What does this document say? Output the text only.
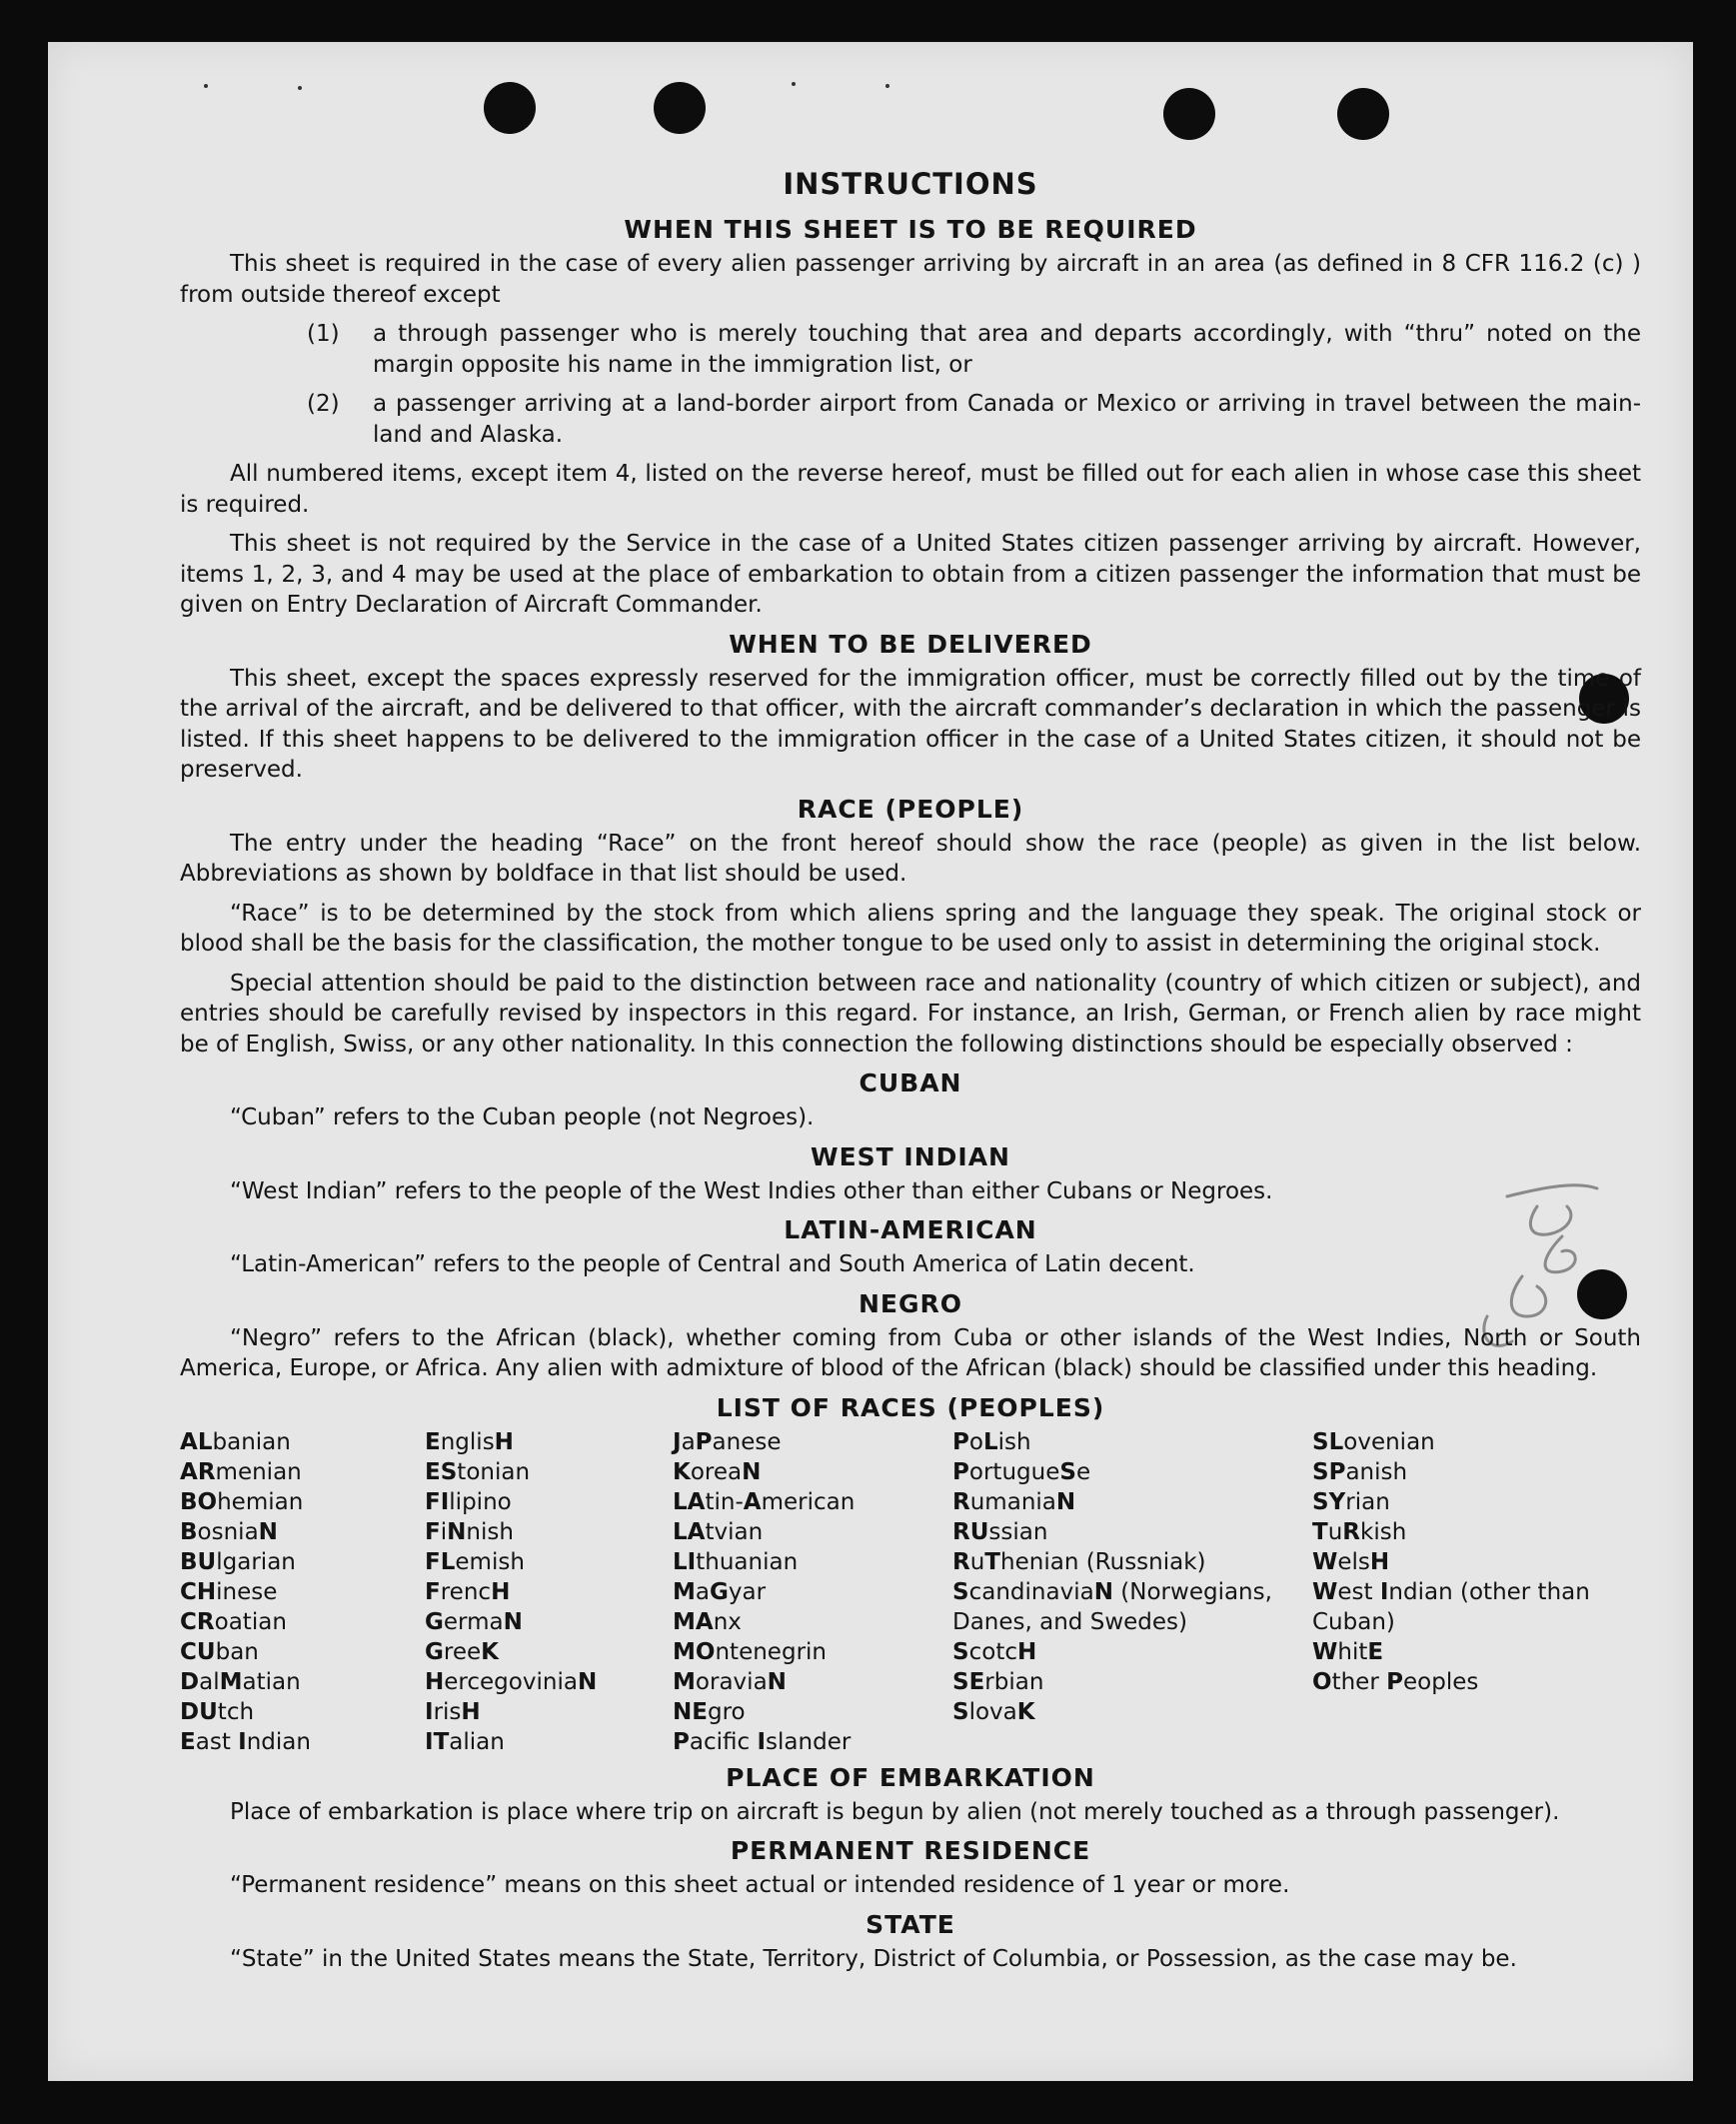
INSTRUCTIONS
WHEN THIS SHEET IS TO BE REQUIRED

This sheet is required in the case of every alien passenger arriving by aircraft in an area (as defined in 8 CFR 116.2 (c) ) from outside thereof except

(1)	a through passenger who is merely touching that area and departs accordingly, with “thru” noted on the margin opposite his name in the immigration list, or
(2)	a passenger arriving at a land-border airport from Canada or Mexico or arriving in travel between the main-land and Alaska.

All numbered items, except item 4, listed on the reverse hereof, must be filled out for each alien in whose case this sheet is required.

This sheet is not required by the Service in the case of a United States citizen passenger arriving by aircraft. However, items 1, 2, 3, and 4 may be used at the place of embarkation to obtain from a citizen passenger the information that must be given on Entry Declaration of Aircraft Commander.

WHEN TO BE DELIVERED

This sheet, except the spaces expressly reserved for the immigration officer, must be correctly filled out by the time of the arrival of the aircraft, and be delivered to that officer, with the aircraft commander’s declaration in which the passenger is listed. If this sheet happens to be delivered to the immigration officer in the case of a United States citizen, it should not be preserved.

RACE (PEOPLE)

The entry under the heading “Race” on the front hereof should show the race (people) as given in the list below. Abbreviations as shown by boldface in that list should be used.

“Race” is to be determined by the stock from which aliens spring and the language they speak. The original stock or blood shall be the basis for the classification, the mother tongue to be used only to assist in determining the original stock.

Special attention should be paid to the distinction between race and nationality (country of which citizen or subject), and entries should be carefully revised by inspectors in this regard. For instance, an Irish, German, or French alien by race might be of English, Swiss, or any other nationality. In this connection the following distinctions should be especially observed :

CUBAN

“Cuban” refers to the Cuban people (not Negroes).

WEST INDIAN

“West Indian” refers to the people of the West Indies other than either Cubans or Negroes.

LATIN-AMERICAN

“Latin-American” refers to the people of Central and South America of Latin decent.

NEGRO

“Negro” refers to the African (black), whether coming from Cuba or other islands of the West Indies, North or South America, Europe, or Africa. Any alien with admixture of blood of the African (black) should be classified under this heading.

LIST OF RACES (PEOPLES)
ALbanian
ARmenian
BOhemian
BosniaN
BUlgarian
CHinese
CRoatian
CUban
DalMatian
DUtch
East Indian
EnglisH
EStonian
FIlipino
FiNnish
FLemish
FrencH
GermaN
GreeK
HercegoviniaN
IrisH
ITalian
JaPanese
KoreaN
LAtin-American
LAtvian
LIthuanian
MaGyar
MAnx
MOntenegrin
MoraviaN
NEgro
Pacifc Islander
PoLish
PortugueSe
RumaniaN
RUssian
RuThenian (Russniak)
ScandinaviaN (Norwegians, Danes, and Swedes)
ScotcH
SErbian
SlovaK
SLovenian
SPanish
SYrian
TuRkish
WelsH
West Indian (other than Cuban)
WhitE
Other Peoples
PLACE OF EMBARKATION

Place of embarkation is place where trip on aircraft is begun by alien (not merely touched as a through passenger).

PERMANENT RESIDENCE

“Permanent residence” means on this sheet actual or intended residence of 1 year or more.

STATE

“State” in the United States means the State, Territory, District of Columbia, or Possession, as the case may be.
